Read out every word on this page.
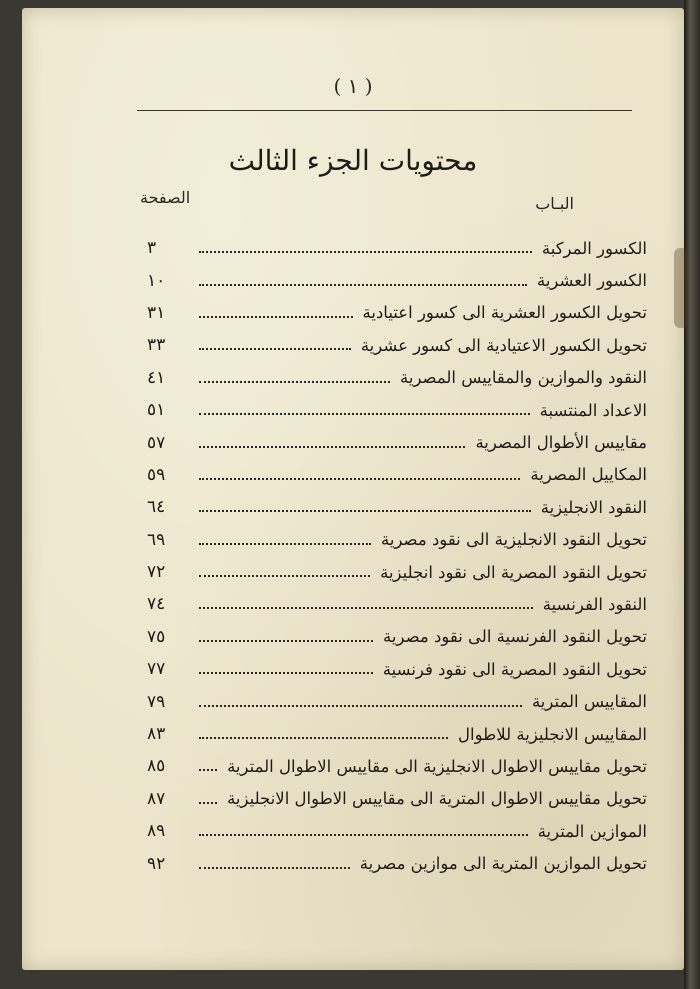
( ١ )
محتويات الجزء الثالث
البـاب
الصفحة
الكسور المركبة
٣
الكسور العشرية
١٠
تحويل الكسور العشرية الى كسور اعتيادية
٣١
تحويل الكسور الاعتيادية الى كسور عشرية
٣٣
النقود والموازين والمقاييس المصرية
٤١
الاعداد المنتسبة
٥١
مقاييس الأطوال المصرية
٥٧
المكاييل المصرية
٥٩
النقود الانجليزية
٦٤
تحويل النقود الانجليزية الى نقود مصرية
٦٩
تحويل النقود المصرية الى نقود انجليزية
٧٢
النقود الفرنسية
٧٤
تحويل النقود الفرنسية الى نقود مصرية
٧٥
تحويل النقود المصرية الى نقود فرنسية
٧٧
المقاييس المترية
٧٩
المقاييس الانجليزية للاطوال
٨٣
تحويل مقاييس الاطوال الانجليزية الى مقاييس الاطوال المترية
٨٥
تحويل مقاييس الاطوال المترية الى مقاييس الاطوال الانجليزية
٨٧
الموازين المترية
٨٩
تحويل الموازين المترية الى موازين مصرية
٩٢
